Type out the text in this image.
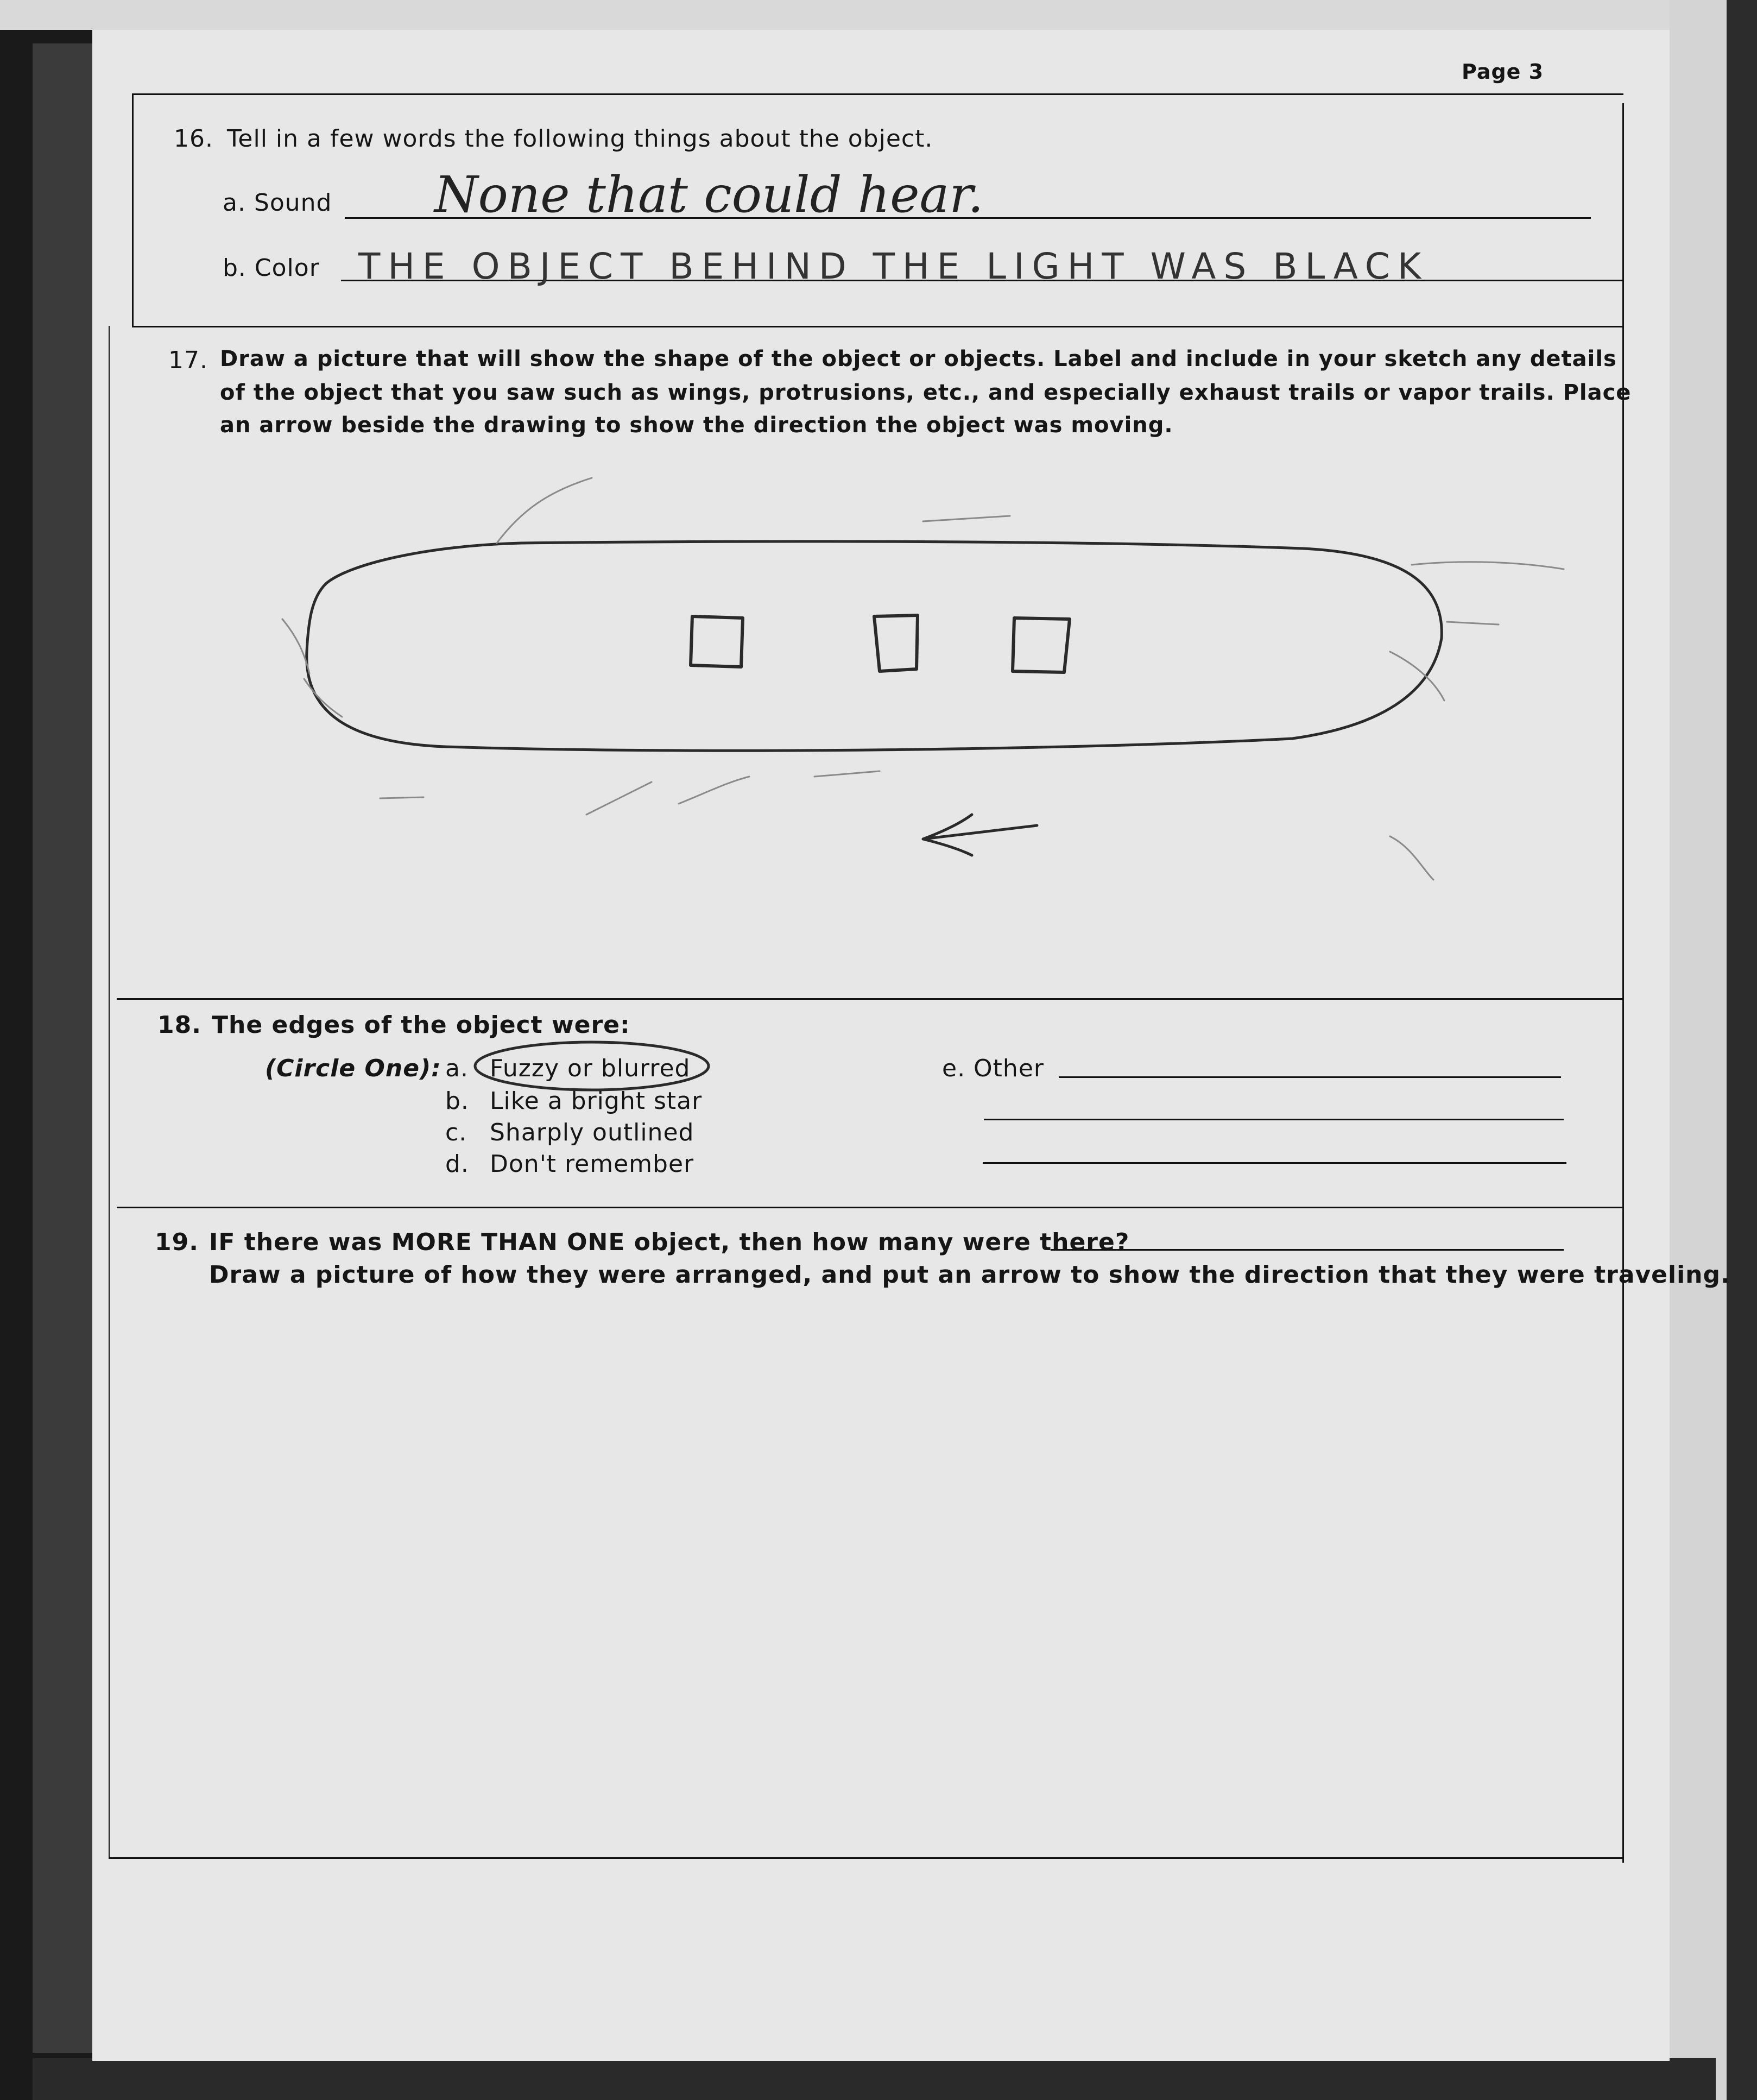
Page 3
16. Tell in a few words the following things about the object.
a. Sound None that could hear.
b. Color THE OBJECT BEHIND THE LIGHT WAS BLACK
17. Draw a picture that will show the shape of the object or objects. Label and include in your sketch any details
of the object that you saw such as wings, protrusions, etc., and especially exhaust trails or vapor trails. Place
an arrow beside the drawing to show the direction the object was moving.
18. The edges of the object were:
(Circle One): a. Fuzzy or blurred
b. Like a bright star
c. Sharply outlined
d. Don't remember
e. Other
19. IF there was MORE THAN ONE object, then how many were there?
Draw a picture of how they were arranged, and put an arrow to show the direction that they were traveling.
